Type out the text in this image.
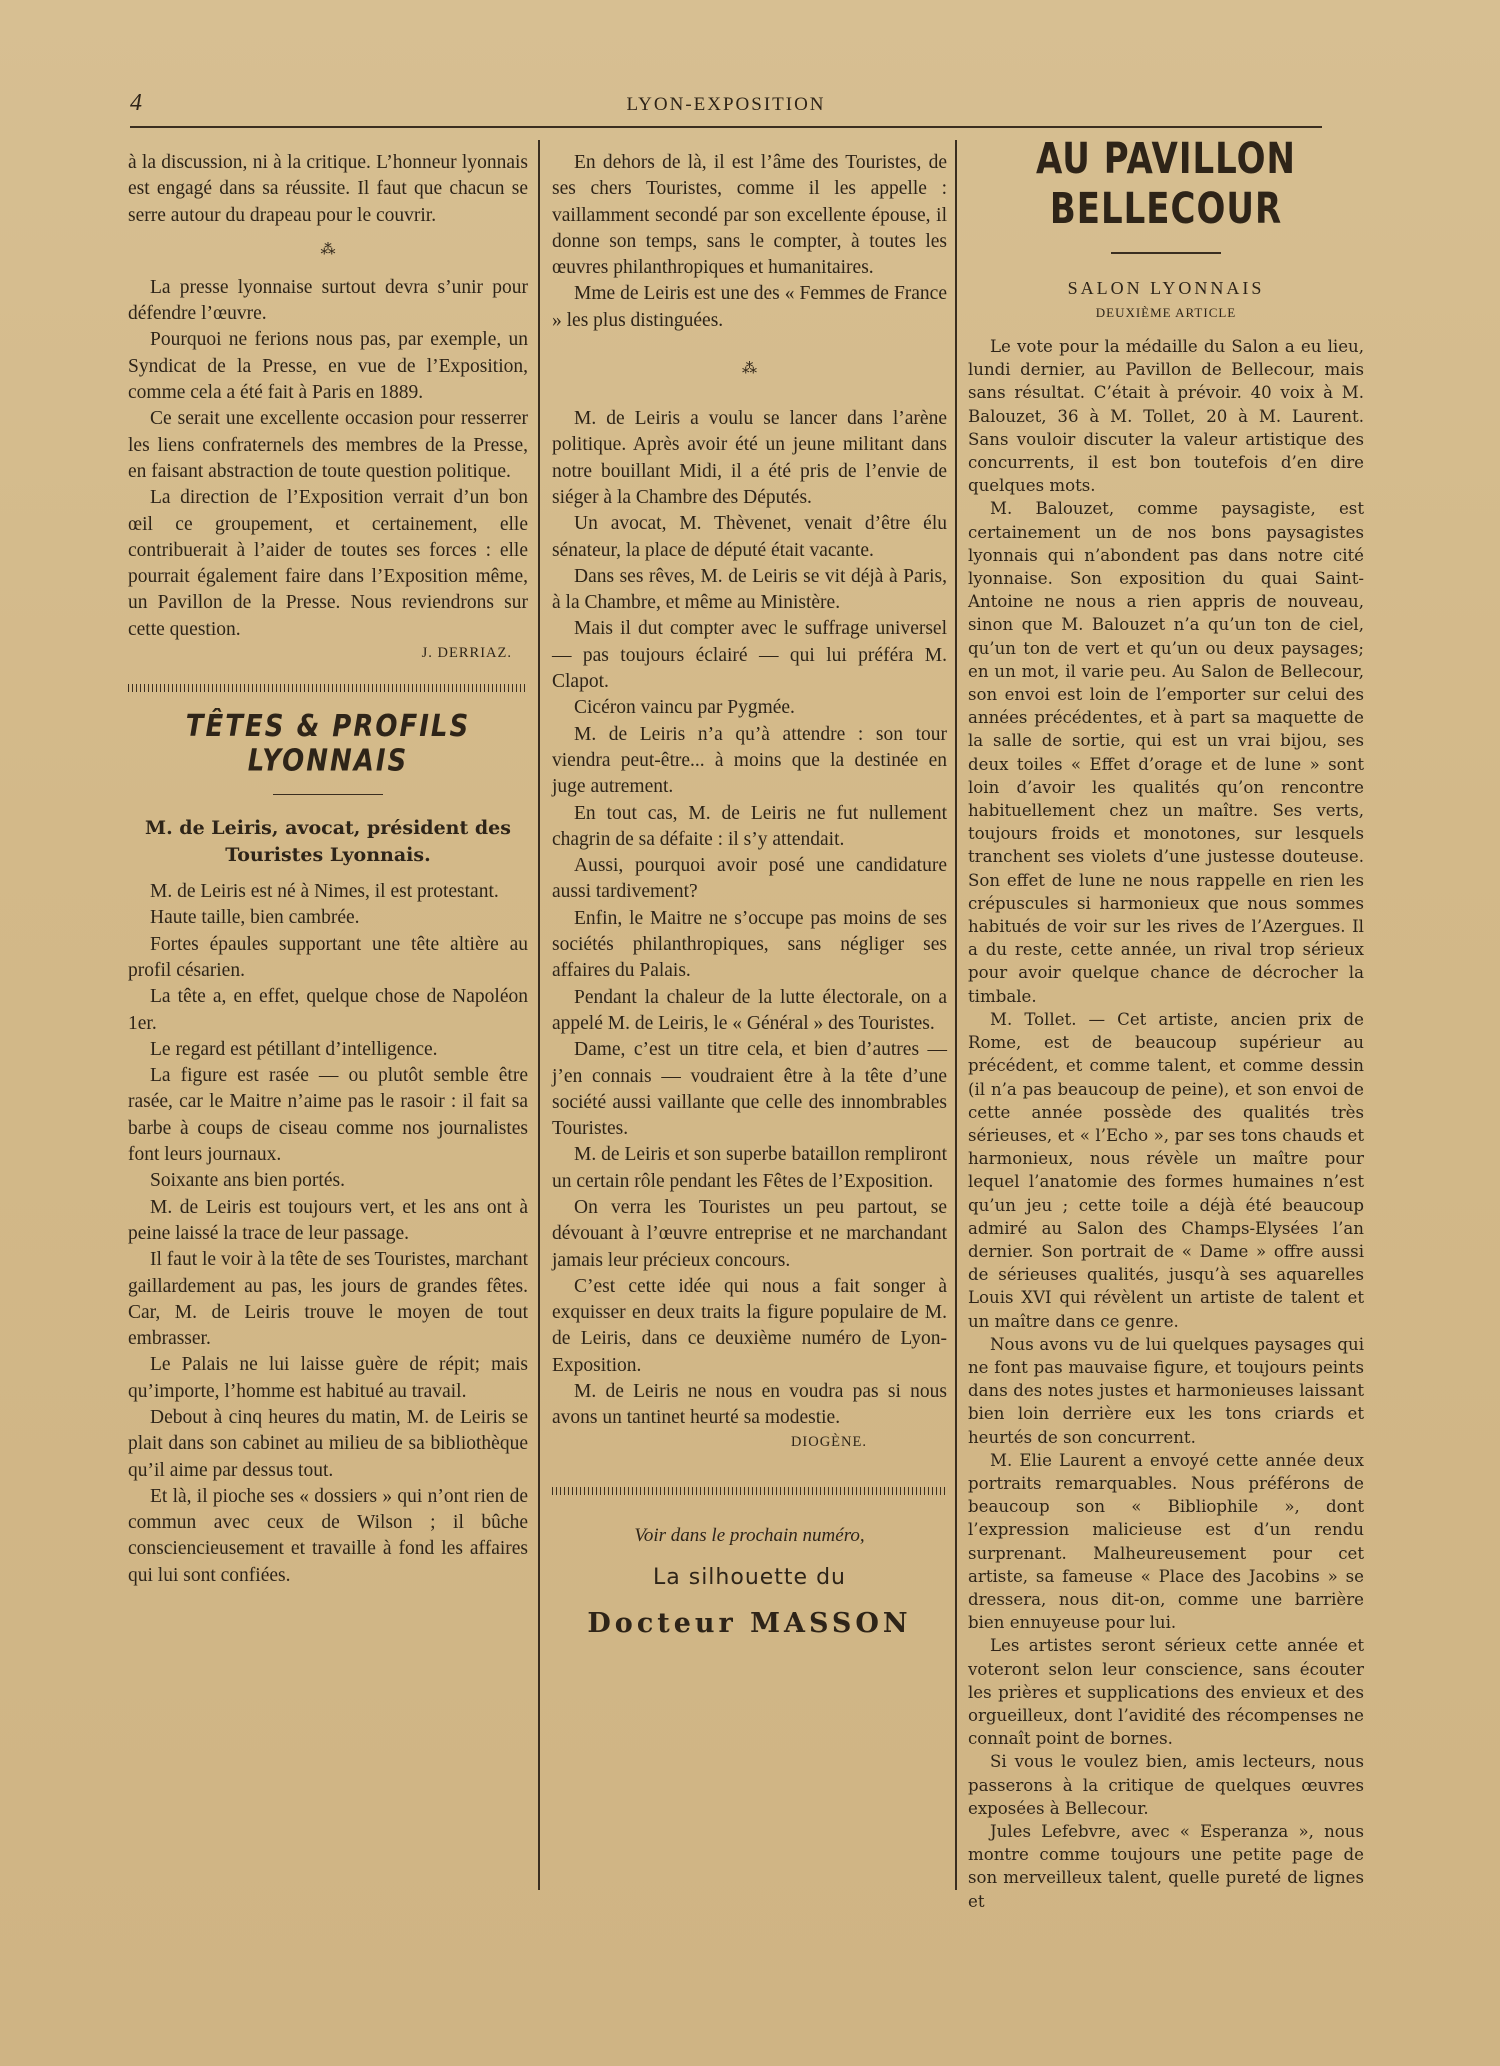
4	LYON-EXPOSITION

à la discussion, ni à la critique. L’honneur lyonnais est engagé dans sa réussite. Il faut que chacun se serre autour du drapeau pour le couvrir.

⁂

La presse lyonnaise surtout devra s’unir pour défendre l’œuvre.

Pourquoi ne ferions nous pas, par exemple, un Syndicat de la Presse, en vue de l’Exposition, comme cela a été fait à Paris en 1889.

Ce serait une excellente occasion pour resserrer les liens confraternels des membres de la Presse, en faisant abstraction de toute question politique.

La direction de l’Exposition verrait d’un bon œil ce groupement, et certainement, elle contribuerait à l’aider de toutes ses forces : elle pourrait également faire dans l’Exposition même, un Pavillon de la Presse. Nous reviendrons sur cette question.

J. DERRIAZ.
TÊTES & PROFILS LYONNAIS
M. de Leiris, avocat, président des Touristes Lyonnais.

M. de Leiris est né à Nimes, il est protestant.

Haute taille, bien cambrée.

Fortes épaules supportant une tête altière au profil césarien.

La tête a, en effet, quelque chose de Napoléon 1er.

Le regard est pétillant d’intelligence.

La figure est rasée — ou plutôt semble être rasée, car le Maitre n’aime pas le rasoir : il fait sa barbe à coups de ciseau comme nos journalistes font leurs journaux.

Soixante ans bien portés.

M. de Leiris est toujours vert, et les ans ont à peine laissé la trace de leur passage.

Il faut le voir à la tête de ses Touristes, marchant gaillardement au pas, les jours de grandes fêtes. Car, M. de Leiris trouve le moyen de tout embrasser.

Le Palais ne lui laisse guère de répit; mais qu’importe, l’homme est habitué au travail.

Debout à cinq heures du matin, M. de Leiris se plait dans son cabinet au milieu de sa bibliothèque qu’il aime par dessus tout.

Et là, il pioche ses « dossiers » qui n’ont rien de commun avec ceux de Wilson ; il bûche consciencieusement et travaille à fond les affaires qui lui sont confiées.

En dehors de là, il est l’âme des Touristes, de ses chers Touristes, comme il les appelle : vaillamment secondé par son excellente épouse, il donne son temps, sans le compter, à toutes les œuvres philanthropiques et humanitaires.

Mme de Leiris est une des « Femmes de France » les plus distinguées.

⁂

M. de Leiris a voulu se lancer dans l’arène politique. Après avoir été un jeune militant dans notre bouillant Midi, il a été pris de l’envie de siéger à la Chambre des Députés.

Un avocat, M. Thèvenet, venait d’être élu sénateur, la place de député était vacante.

Dans ses rêves, M. de Leiris se vit déjà à Paris, à la Chambre, et même au Ministère.

Mais il dut compter avec le suffrage universel — pas toujours éclairé — qui lui préféra M. Clapot.

Cicéron vaincu par Pygmée.

M. de Leiris n’a qu’à attendre : son tour viendra peut-être... à moins que la destinée en juge autrement.

En tout cas, M. de Leiris ne fut nullement chagrin de sa défaite : il s’y attendait.

Aussi, pourquoi avoir posé une candidature aussi tardivement?

Enfin, le Maitre ne s’occupe pas moins de ses sociétés philanthropiques, sans négliger ses affaires du Palais.

Pendant la chaleur de la lutte électorale, on a appelé M. de Leiris, le « Général » des Touristes.

Dame, c’est un titre cela, et bien d’autres — j’en connais — voudraient être à la tête d’une société aussi vaillante que celle des innombrables Touristes.

M. de Leiris et son superbe bataillon rempliront un certain rôle pendant les Fêtes de l’Exposition.

On verra les Touristes un peu partout, se dévouant à l’œuvre entreprise et ne marchandant jamais leur précieux concours.

C’est cette idée qui nous a fait songer à exquisser en deux traits la figure populaire de M. de Leiris, dans ce deuxième numéro de Lyon-Exposition.

M. de Leiris ne nous en voudra pas si nous avons un tantinet heurté sa modestie.

DIOGÈNE.
Voir dans le prochain numéro,
La silhouette du
Docteur MASSON
AU PAVILLON BELLECOUR
SALON LYONNAIS
DEUXIÈME ARTICLE

Le vote pour la médaille du Salon a eu lieu, lundi dernier, au Pavillon de Bellecour, mais sans résultat. C’était à prévoir. 40 voix à M. Balouzet, 36 à M. Tollet, 20 à M. Laurent. Sans vouloir discuter la valeur artistique des concurrents, il est bon toutefois d’en dire quelques mots.

M. Balouzet, comme paysagiste, est certainement un de nos bons paysagistes lyonnais qui n’abondent pas dans notre cité lyonnaise. Son exposition du quai Saint-Antoine ne nous a rien appris de nouveau, sinon que M. Balouzet n’a qu’un ton de ciel, qu’un ton de vert et qu’un ou deux paysages; en un mot, il varie peu. Au Salon de Bellecour, son envoi est loin de l’emporter sur celui des années précédentes, et à part sa maquette de la salle de sortie, qui est un vrai bijou, ses deux toiles « Effet d’orage et de lune » sont loin d’avoir les qualités qu’on rencontre habituellement chez un maître. Ses verts, toujours froids et monotones, sur lesquels tranchent ses violets d’une justesse douteuse. Son effet de lune ne nous rappelle en rien les crépuscules si harmonieux que nous sommes habitués de voir sur les rives de l’Azergues. Il a du reste, cette année, un rival trop sérieux pour avoir quelque chance de décrocher la timbale.

M. Tollet. — Cet artiste, ancien prix de Rome, est de beaucoup supérieur au précédent, et comme talent, et comme dessin (il n’a pas beaucoup de peine), et son envoi de cette année possède des qualités très sérieuses, et « l’Echo », par ses tons chauds et harmonieux, nous révèle un maître pour lequel l’anatomie des formes humaines n’est qu’un jeu ; cette toile a déjà été beaucoup admiré au Salon des Champs-Elysées l’an dernier. Son portrait de « Dame » offre aussi de sérieuses qualités, jusqu’à ses aquarelles Louis XVI qui révèlent un artiste de talent et un maître dans ce genre.

Nous avons vu de lui quelques paysages qui ne font pas mauvaise figure, et toujours peints dans des notes justes et harmonieuses laissant bien loin derrière eux les tons criards et heurtés de son concurrent.

M. Elie Laurent a envoyé cette année deux portraits remarquables. Nous préférons de beaucoup son « Bibliophile », dont l’expression malicieuse est d’un rendu surprenant. Malheureusement pour cet artiste, sa fameuse « Place des Jacobins » se dressera, nous dit-on, comme une barrière bien ennuyeuse pour lui.

Les artistes seront sérieux cette année et voteront selon leur conscience, sans écouter les prières et supplications des envieux et des orgueilleux, dont l’avidité des récompenses ne connaît point de bornes.

Si vous le voulez bien, amis lecteurs, nous passerons à la critique de quelques œuvres exposées à Bellecour.

Jules Lefebvre, avec « Esperanza », nous montre comme toujours une petite page de son merveilleux talent, quelle pureté de lignes et
